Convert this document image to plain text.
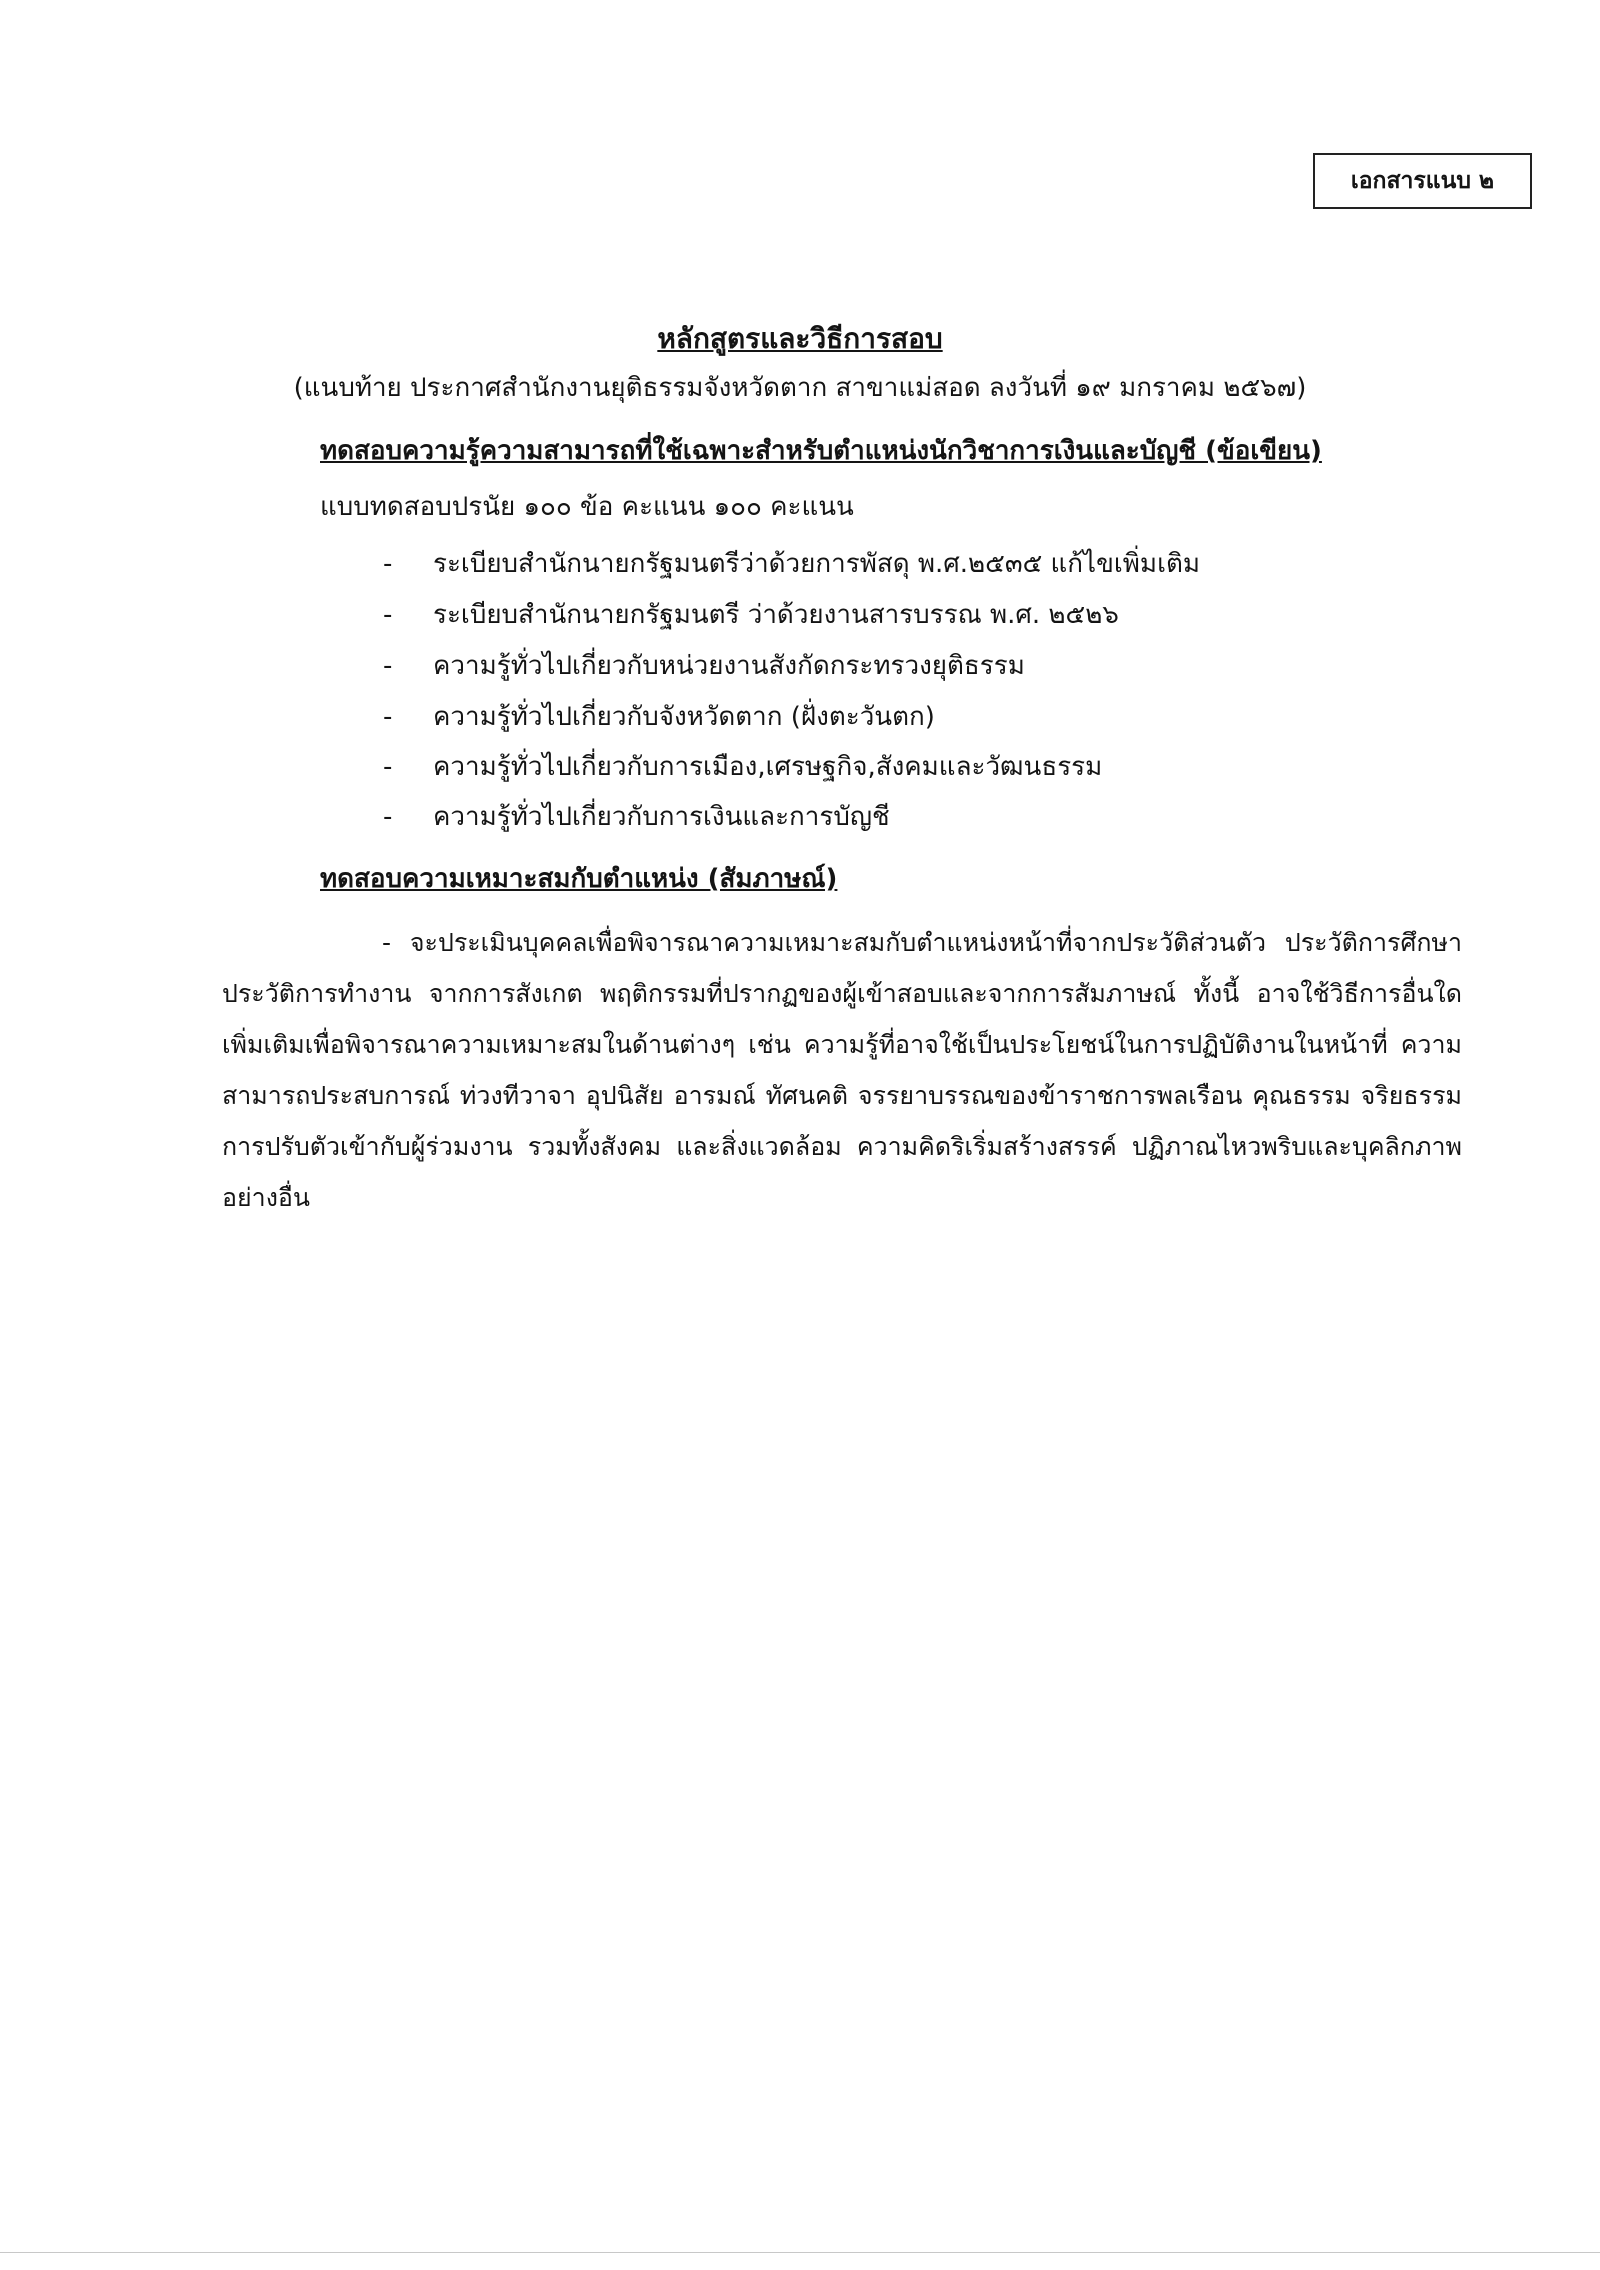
เอกสารแนบ ๒
หลักสูตรและวิธีการสอบ
(แนบท้าย ประกาศสำนักงานยุติธรรมจังหวัดตาก สาขาแม่สอด ลงวันที่ ๑๙ มกราคม ๒๕๖๗)
ทดสอบความรู้ความสามารถที่ใช้เฉพาะสำหรับตำแหน่งนักวิชาการเงินและบัญชี (ข้อเขียน)
แบบทดสอบปรนัย ๑๐๐ ข้อ คะแนน ๑๐๐ คะแนน
- ระเบียบสำนักนายกรัฐมนตรีว่าด้วยการพัสดุ พ.ศ.๒๕๓๕ แก้ไขเพิ่มเติม
- ระเบียบสำนักนายกรัฐมนตรี ว่าด้วยงานสารบรรณ พ.ศ. ๒๕๒๖
- ความรู้ทั่วไปเกี่ยวกับหน่วยงานสังกัดกระทรวงยุติธรรม
- ความรู้ทั่วไปเกี่ยวกับจังหวัดตาก (ฝั่งตะวันตก)
- ความรู้ทั่วไปเกี่ยวกับการเมือง,เศรษฐกิจ,สังคมและวัฒนธรรม
- ความรู้ทั่วไปเกี่ยวกับการเงินและการบัญชี
ทดสอบความเหมาะสมกับตำแหน่ง (สัมภาษณ์)
- จะประเมินบุคคลเพื่อพิจารณาความเหมาะสมกับตำแหน่งหน้าที่จากประวัติส่วนตัว ประวัติการศึกษา ประวัติการทำงาน จากการสังเกต พฤติกรรมที่ปรากฏของผู้เข้าสอบและจากการสัมภาษณ์ ทั้งนี้ อาจใช้วิธีการอื่นใดเพิ่มเติมเพื่อพิจารณาความเหมาะสมในด้านต่างๆ เช่น ความรู้ที่อาจใช้เป็นประโยชน์ในการปฏิบัติงานในหน้าที่ ความสามารถประสบการณ์ ท่วงทีวาจา อุปนิสัย อารมณ์ ทัศนคติ จรรยาบรรณของข้าราชการพลเรือน คุณธรรม จริยธรรม การปรับตัวเข้ากับผู้ร่วมงาน รวมทั้งสังคม และสิ่งแวดล้อม ความคิดริเริ่มสร้างสรรค์ ปฏิภาณไหวพริบและบุคลิกภาพอย่างอื่น
